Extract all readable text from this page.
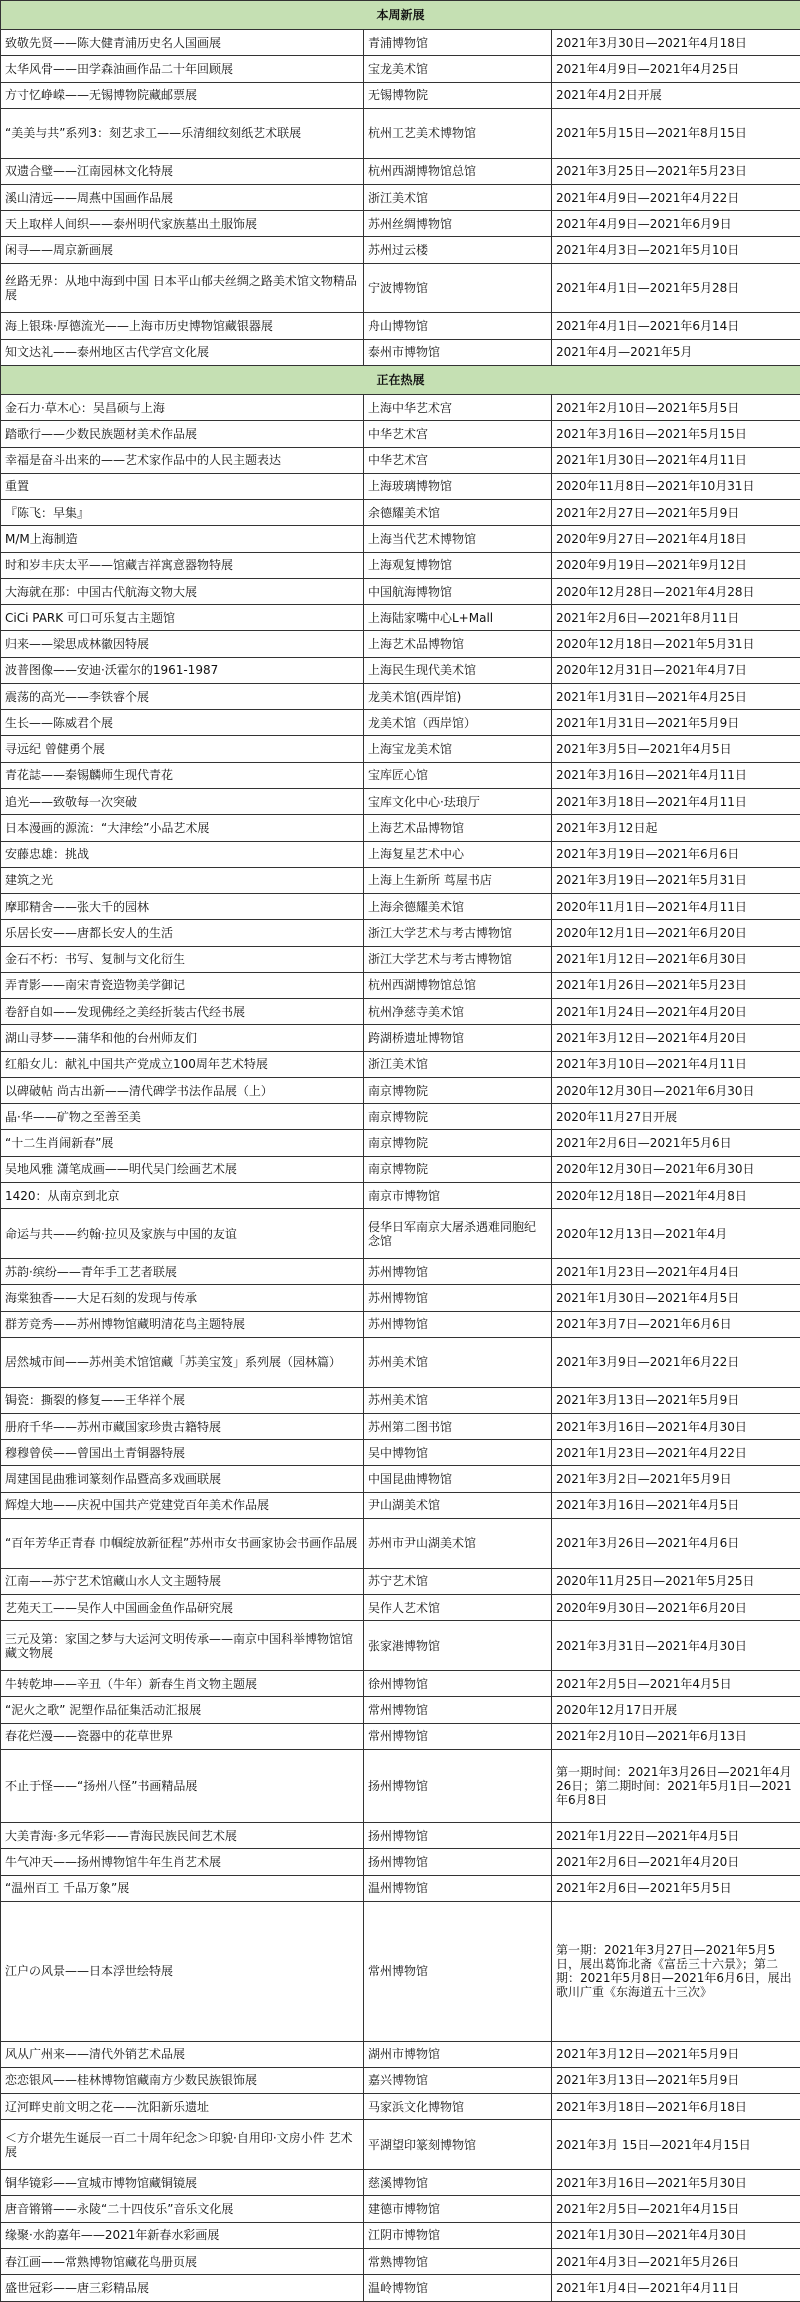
本周新展		
致敬先贤——陈大健青浦历史名人国画展	青浦博物馆	2021年3月30日—2021年4月18日
太华风骨——田学森油画作品二十年回顾展	宝龙美术馆	2021年4月9日—2021年4月25日
方寸忆峥嵘——无锡博物院藏邮票展	无锡博物院	2021年4月2日开展
“美美与共”系列3：刻艺求工——乐清细纹刻纸艺术联展	杭州工艺美术博物馆	2021年5月15日—2021年8月15日
双遗合璧——江南园林文化特展	杭州西湖博物馆总馆	2021年3月25日—2021年5月23日
溪山清远——周燕中国画作品展	浙江美术馆	2021年4月9日—2021年4月22日
天上取样人间织——泰州明代家族墓出土服饰展	苏州丝绸博物馆	2021年4月9日—2021年6月9日
闲寻——周京新画展	苏州过云楼	2021年4月3日—2021年5月10日
丝路无界：从地中海到中国 日本平山郁夫丝绸之路美术馆文物精品展	宁波博物馆	2021年4月1日—2021年5月28日
海上银珠·厚德流光——上海市历史博物馆藏银器展	舟山博物馆	2021年4月1日—2021年6月14日
知文达礼——泰州地区古代学宫文化展	泰州市博物馆	2021年4月—2021年5月
正在热展		
金石力·草木心：吴昌硕与上海	上海中华艺术宫	2021年2月10日—2021年5月5日
踏歌行——少数民族题材美术作品展	中华艺术宫	2021年3月16日—2021年5月15日
幸福是奋斗出来的——艺术家作品中的人民主题表达	中华艺术宫	2021年1月30日—2021年4月11日
重置	上海玻璃博物馆	2020年11月8日—2021年10月31日
『陈飞：早集』	余德耀美术馆	2021年2月27日—2021年5月9日
M/M上海制造	上海当代艺术博物馆	2020年9月27日—2021年4月18日
时和岁丰庆太平——馆藏吉祥寓意器物特展	上海观复博物馆	2020年9月19日—2021年9月12日
大海就在那：中国古代航海文物大展	中国航海博物馆	2020年12月28日—2021年4月28日
CiCi PARK 可口可乐复古主题馆	上海陆家嘴中心L+Mall	2021年2月6日—2021年8月11日
归来——梁思成林徽因特展	上海艺术品博物馆	2020年12月18日—2021年5月31日
波普图像——安迪·沃霍尔的1961-1987	上海民生现代美术馆	2020年12月31日—2021年4月7日
震荡的高光——李铁睿个展	龙美术馆(西岸馆)	2021年1月31日—2021年4月25日
生长——陈威君个展	龙美术馆（西岸馆）	2021年1月31日—2021年5月9日
寻远纪 曾健勇个展	上海宝龙美术馆	2021年3月5日—2021年4月5日
青花誌——秦锡麟师生现代青花	宝库匠心馆	2021年3月16日—2021年4月11日
追光——致敬每一次突破	宝库文化中心·珐琅厅	2021年3月18日—2021年4月11日
日本漫画的源流：“大津绘”小品艺术展	上海艺术品博物馆	2021年3月12日起
安藤忠雄：挑战	上海复星艺术中心	2021年3月19日—2021年6月6日
建筑之光	上海上生新所 茑屋书店	2021年3月19日—2021年5月31日
摩耶精舍——张大千的园林	上海余德耀美术馆	2020年11月1日—2021年4月11日
乐居长安——唐都长安人的生活	浙江大学艺术与考古博物馆	2020年12月1日—2021年6月20日
金石不朽：书写、复制与文化衍生	浙江大学艺术与考古博物馆	2021年1月12日—2021年6月30日
弄青影——南宋青瓷造物美学御记	杭州西湖博物馆总馆	2021年1月26日—2021年5月23日
卷舒自如——发现佛经之美经折装古代经书展	杭州净慈寺美术馆	2021年1月24日—2021年4月20日
湖山寻梦——蒲华和他的台州师友们	跨湖桥遗址博物馆	2021年3月12日—2021年4月20日
红船女儿：献礼中国共产党成立100周年艺术特展	浙江美术馆	2021年3月10日—2021年4月11日
以碑破帖 尚古出新——清代碑学书法作品展（上）	南京博物院	2020年12月30日—2021年6月30日
晶·华——矿物之至善至美	南京博物院	2020年11月27日开展
“十二生肖闹新春”展	南京博物院	2021年2月6日—2021年5月6日
吴地风雅 潇笔成画——明代吴门绘画艺术展	南京博物院	2020年12月30日—2021年6月30日
1420：从南京到北京	南京市博物馆	2020年12月18日—2021年4月8日
命运与共——约翰·拉贝及家族与中国的友谊	侵华日军南京大屠杀遇难同胞纪念馆	2020年12月13日—2021年4月
苏韵·缤纷——青年手工艺者联展	苏州博物馆	2021年1月23日—2021年4月4日
海棠独香——大足石刻的发现与传承	苏州博物馆	2021年1月30日—2021年4月5日
群芳竞秀——苏州博物馆藏明清花鸟主题特展	苏州博物馆	2021年3月7日—2021年6月6日
居然城市间——苏州美术馆馆藏「苏美宝笈」系列展（园林篇）	苏州美术馆	2021年3月9日—2021年6月22日
锔瓷：撕裂的修复——王华祥个展	苏州美术馆	2021年3月13日—2021年5月9日
册府千华——苏州市藏国家珍贵古籍特展	苏州第二图书馆	2021年3月16日—2021年4月30日
穆穆曾侯——曾国出土青铜器特展	吴中博物馆	2021年1月23日—2021年4月22日
周建国昆曲雅词篆刻作品暨高多戏画联展	中国昆曲博物馆	2021年3月2日—2021年5月9日
辉煌大地——庆祝中国共产党建党百年美术作品展	尹山湖美术馆	2021年3月16日—2021年4月5日
“百年芳华正青春 巾帼绽放新征程”苏州市女书画家协会书画作品展	苏州市尹山湖美术馆	2021年3月26日—2021年4月6日
江南——苏宁艺术馆藏山水人文主题特展	苏宁艺术馆	2020年11月25日—2021年5月25日
艺苑天工——吴作人中国画金鱼作品研究展	吴作人艺术馆	2020年9月30日—2021年6月20日
三元及第：家国之梦与大运河文明传承——南京中国科举博物馆馆藏文物展	张家港博物馆	2021年3月31日—2021年4月30日
牛转乾坤——辛丑（牛年）新春生肖文物主题展	徐州博物馆	2021年2月5日—2021年4月5日
“泥火之歌” 泥塑作品征集活动汇报展	常州博物馆	2020年12月17日开展
春花烂漫——瓷器中的花草世界	常州博物馆	2021年2月10日—2021年6月13日
不止于怪——“扬州八怪”书画精品展	扬州博物馆	第一期时间：2021年3月26日—2021年4月26日；第二期时间：2021年5月1日—2021年6月8日
大美青海·多元华彩——青海民族民间艺术展	扬州博物馆	2021年1月22日—2021年4月5日
牛气冲天——扬州博物馆牛年生肖艺术展	扬州博物馆	2021年2月6日—2021年4月20日
“温州百工 千品万象”展	温州博物馆	2021年2月6日—2021年5月5日
江户の风景——日本浮世绘特展	常州博物馆	第一期：2021年3月27日—2021年5月5日，展出葛饰北斋《富岳三十六景》；第二期：2021年5月8日—2021年6月6日，展出歌川广重《东海道五十三次》
风从广州来——清代外销艺术品展	湖州市博物馆	2021年3月12日—2021年5月9日
恋恋银风——桂林博物馆藏南方少数民族银饰展	嘉兴博物馆	2021年3月13日—2021年5月9日
辽河畔史前文明之花——沈阳新乐遗址	马家浜文化博物馆	2021年3月18日—2021年6月18日
＜方介堪先生诞辰一百二十周年纪念＞印貌·自用印·文房小件 艺术展	平湖望印篆刻博物馆	2021年3月 15日—2021年4月15日
铜华镜彩——宣城市博物馆藏铜镜展	慈溪博物馆	2021年3月16日—2021年5月30日
唐音锵锵——永陵“二十四伎乐”音乐文化展	建德市博物馆	2021年2月5日—2021年4月15日
缘聚·水韵嘉年——2021年新春水彩画展	江阴市博物馆	2021年1月30日—2021年4月30日
春江画——常熟博物馆藏花鸟册页展	常熟博物馆	2021年4月3日—2021年5月26日
盛世冠彩——唐三彩精品展	温岭博物馆	2021年1月4日—2021年4月11日
